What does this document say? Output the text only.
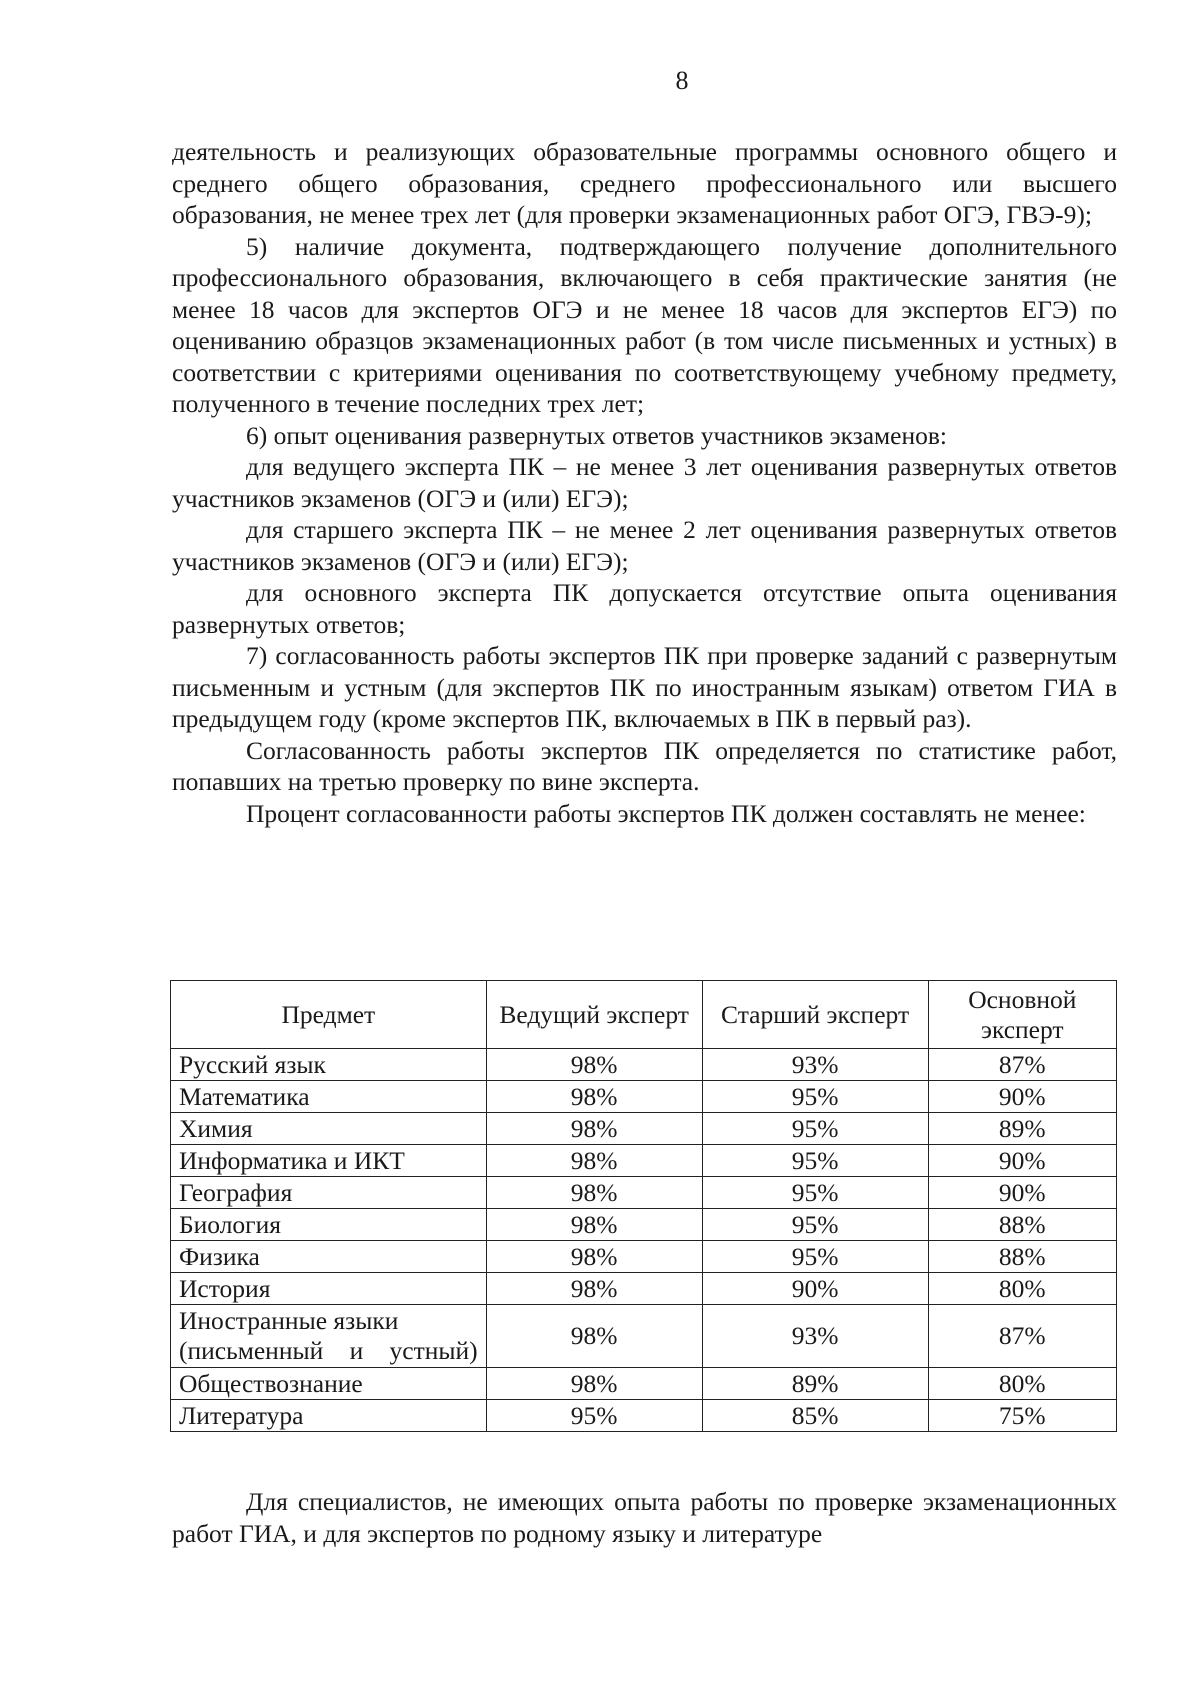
8

деятельность и реализующих образовательные программы основного общего и среднего общего образования, среднего профессионального или высшего образования, не менее трех лет (для проверки экзаменационных работ ОГЭ, ГВЭ-9);

5) наличие документа, подтверждающего получение дополнительного профессионального образования, включающего в себя практические занятия (не менее 18 часов для экспертов ОГЭ и не менее 18 часов для экспертов ЕГЭ) по оцениванию образцов экзаменационных работ (в том числе письменных и устных) в соответствии с критериями оценивания по соответствующему учебному предмету, полученного в течение последних трех лет;

6) опыт оценивания развернутых ответов участников экзаменов:

для ведущего эксперта ПК – не менее 3 лет оценивания развернутых ответов участников экзаменов (ОГЭ и (или) ЕГЭ);

для старшего эксперта ПК – не менее 2 лет оценивания развернутых ответов участников экзаменов (ОГЭ и (или) ЕГЭ);

для основного эксперта ПК допускается отсутствие опыта оценивания развернутых ответов;

7) согласованность работы экспертов ПК при проверке заданий с развернутым письменным и устным (для экспертов ПК по иностранным языкам) ответом ГИА в предыдущем году (кроме экспертов ПК, включаемых в ПК в первый раз).

Согласованность работы экспертов ПК определяется по статистике работ, попавших на третью проверку по вине эксперта.

Процент согласованности работы экспертов ПК должен составлять не менее:

Предмет	Ведущий эксперт	Старший эксперт	Основной эксперт
Русский язык	98%	93%	87%
Математика	98%	95%	90%
Химия	98%	95%	89%
Информатика и ИКТ	98%	95%	90%
География	98%	95%	90%
Биология	98%	95%	88%
Физика	98%	95%	88%
История	98%	90%	80%
Иностранные языки (письменный и устный)	98%	93%	87%
Обществознание	98%	89%	80%
Литература	95%	85%	75%

Для специалистов, не имеющих опыта работы по проверке экзаменационных работ ГИА, и для экспертов по родному языку и литературе
